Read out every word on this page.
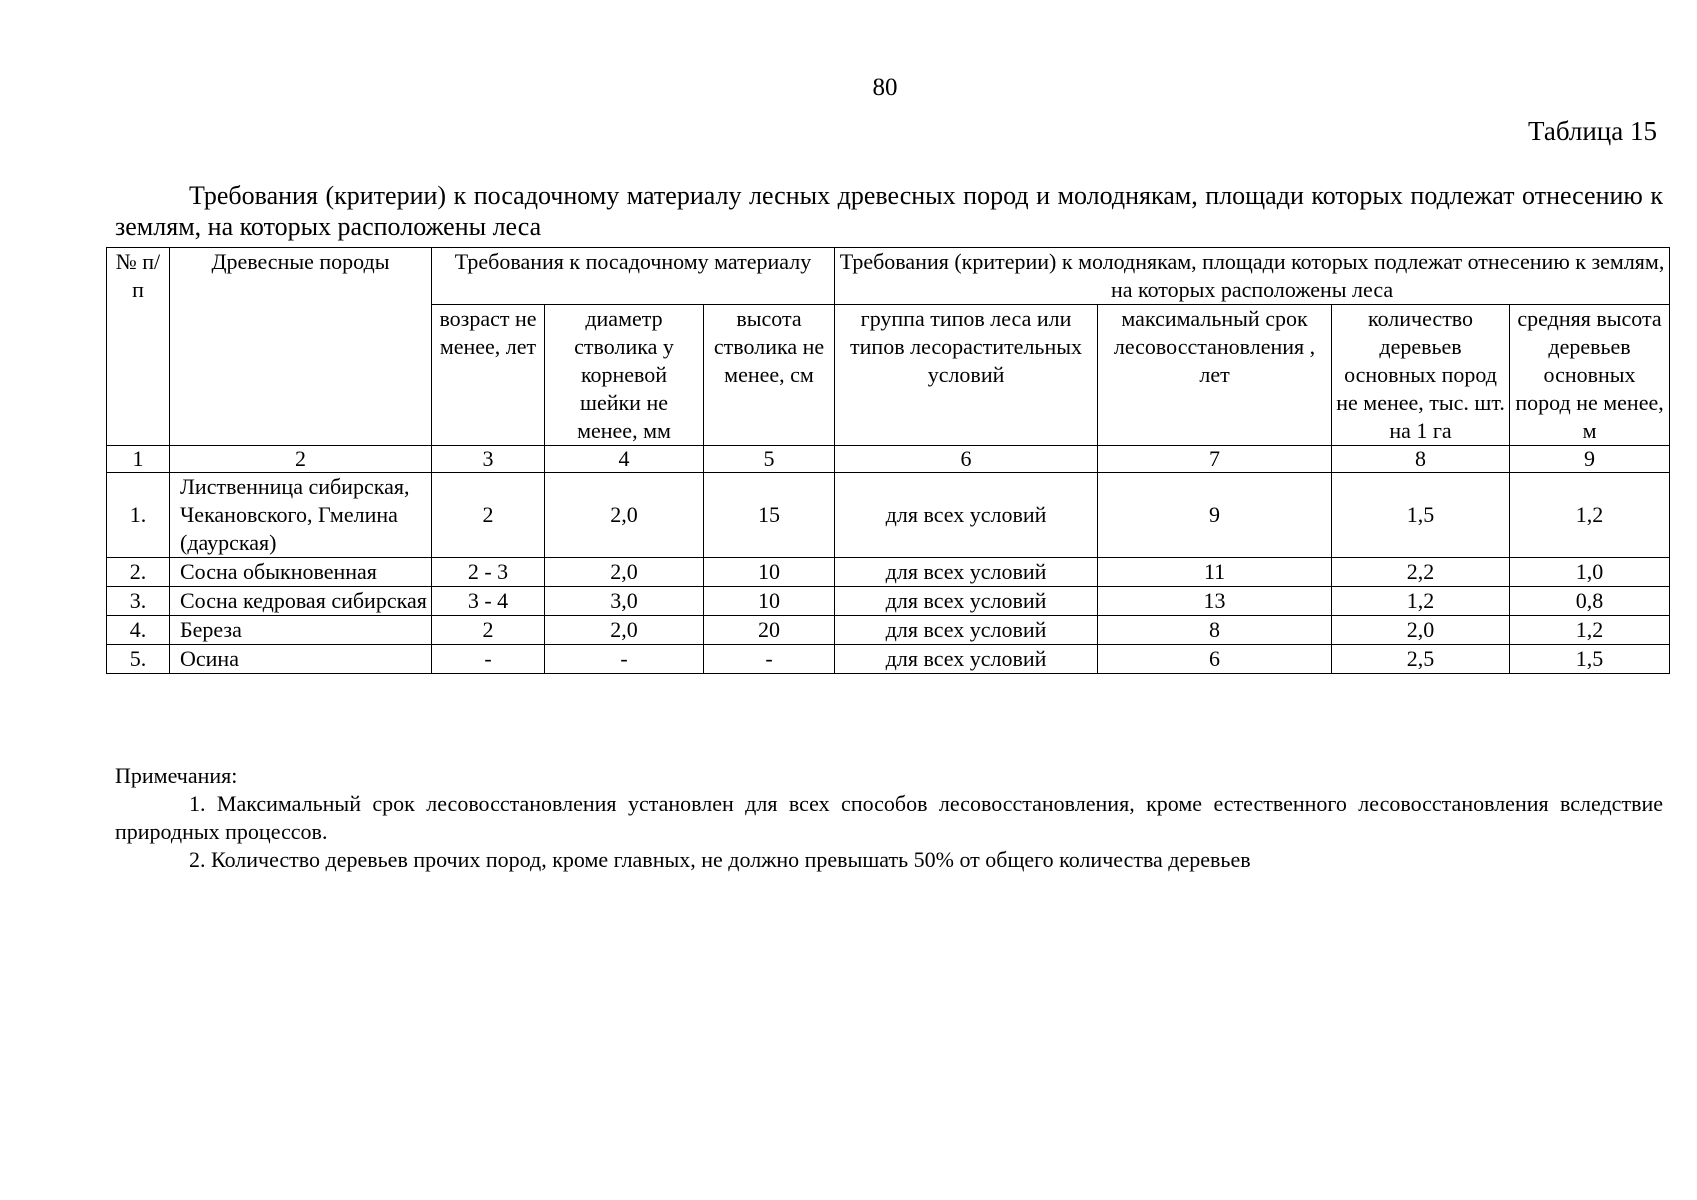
80
Таблица 15
Требования (критерии) к посадочному материалу лесных древесных пород и молоднякам, площади которых подлежат отнесению к землям, на которых расположены леса
№ п/п	Древесные породы	Требования к посадочному материалу			Требования (критерии) к молоднякам, площади которых подлежат отнесению к землям, на которых расположены леса			
		возраст не менее, лет	диаметр стволика у корневой шейки не менее, мм	высота стволика не менее, см	группа типов леса или типов лесорастительных условий	максимальный срок лесовосстановления , лет	количество деревьев основных пород не менее, тыс. шт. на 1 га	средняя высота деревьев основных пород не менее, м
1	2	3	4	5	6	7	8	9
1.	Лиственница сибирская, Чекановского, Гмелина (даурская)	2	2,0	15	для всех условий	9	1,5	1,2
2.	Сосна обыкновенная	2 - 3	2,0	10	для всех условий	11	2,2	1,0
3.	Сосна кедровая сибирская	3 - 4	3,0	10	для всех условий	13	1,2	0,8
4.	Береза	2	2,0	20	для всех условий	8	2,0	1,2
5.	Осина	-	-	-	для всех условий	6	2,5	1,5
Примечания:
1. Максимальный срок лесовосстановления установлен для всех способов лесовосстановления, кроме естественного лесовосстановления вследствие природных процессов.
2. Количество деревьев прочих пород, кроме главных, не должно превышать 50% от общего количества деревьев
